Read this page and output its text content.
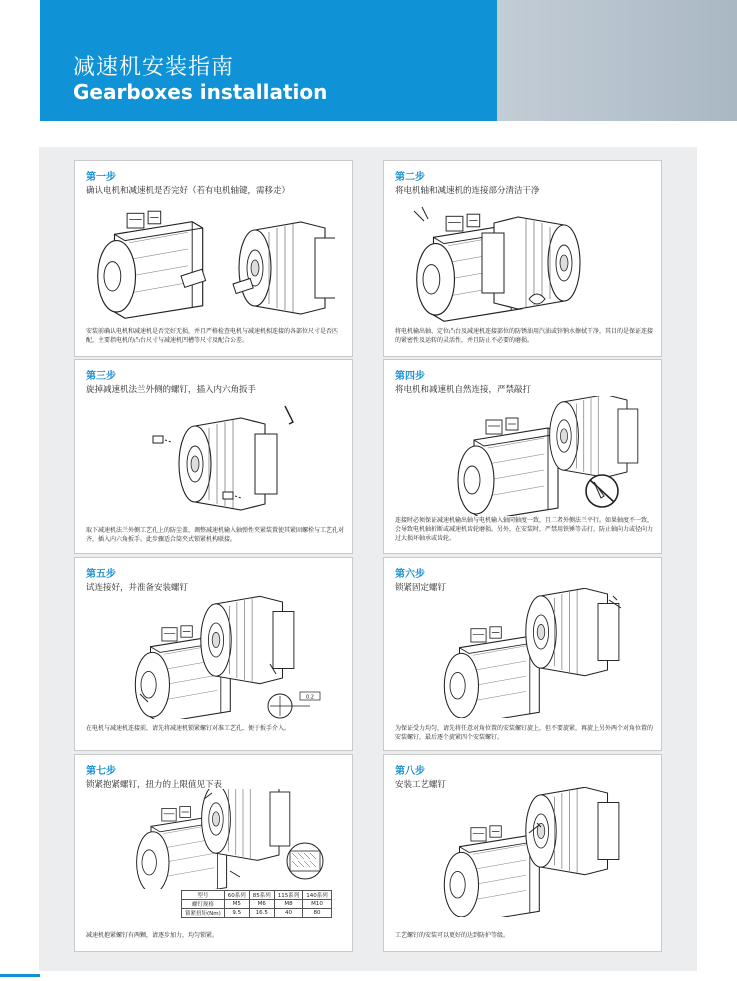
减速机安装指南
Gearboxes installation
第一步
确认电机和减速机是否完好（若有电机轴键，需移走）
安装前确认电机和减速机是否完好无损，并且严格检查电机与减速机相连接的各部位尺寸是否匹配，主要指电机的凸台尺寸与减速机凹槽等尺寸及配合公差。
第二步
将电机轴和减速机的连接部分清洁干净
将电机输出轴、定位凸台及减速机连接部位的防锈油用汽油或锌钠水擦拭干净，其目的是保证连接的紧密性及运转的灵活性，并且防止不必要的磨损。
第三步
旋掉减速机法兰外侧的螺钉，插入内六角扳手
取下减速机法兰外侧工艺孔上的防尘盖，调整减速机输入轴弹性夹紧装置使其紧固螺栓与工艺孔对齐，插入内六角扳手。此步骤适合筒夹式锁紧机构联接。
第四步
将电机和减速机自然连接，严禁敲打
连接时必须保证减速机输出轴与电机输入轴同轴度一致，且二者外侧法兰平行。如果轴度不一致，会导致电机轴折断或减速机齿轮磨损。另外，在安装时，严禁用铁锤等击打，防止轴向力或径向力过大损坏轴承或齿轮。
第五步
试连接好，并准备安装螺钉
0.2
在电机与减速机连接前，请先将减速机锁紧螺钉对准工艺孔，便于扳手介入。
第六步
锁紧固定螺钉
为保证受力均匀，请先将任意对角位置的安装螺钉旋上，但不要旋紧，再旋上另外两个对角位置的安装螺钉，最后逐个旋紧四个安装螺钉。
第七步
锁紧抱紧螺钉，扭力的上限值见下表
型号	60系列	85系列	115系列	140系列
螺钉规格	M5	M6	M8	M10
锁紧扭矩(Nm)	9.5	16.5	40	80
减速机抱紧螺钉有两颗，请逐步加力，均匀锁紧。
第八步
安装工艺螺钉
工艺螺钉的安装可以更好的达到防护等级。
